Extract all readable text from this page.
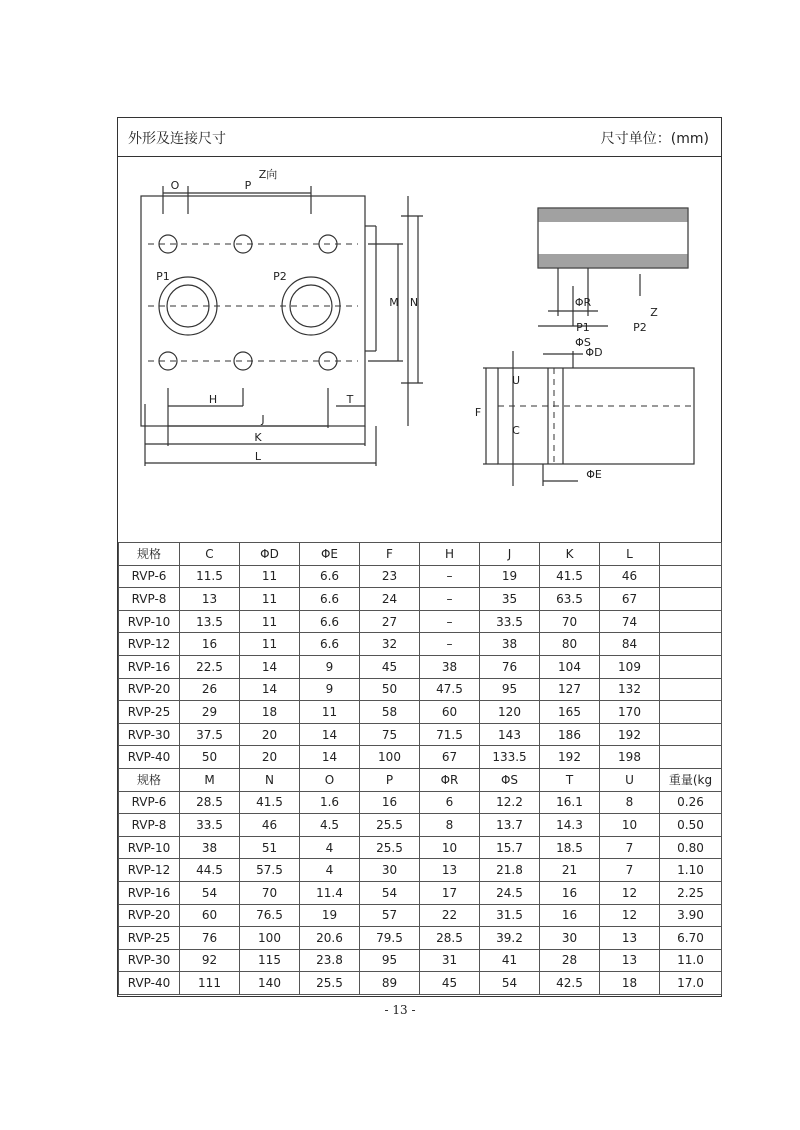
外形及连接尺寸	尺寸单位：(mm)
Z向
O	P
P1	P2
M N
H
J
T
K
L
P1	P2
ΦR
ΦS
Z
ΦD
F
U
C
ΦE
规格	C	ΦD	ΦE	F	H	J	K	L	
RVP-6	11.5	11	6.6	23	–	19	41.5	46	
RVP-8	13	11	6.6	24	–	35	63.5	67	
RVP-10	13.5	11	6.6	27	–	33.5	70	74	
RVP-12	16	11	6.6	32	–	38	80	84	
RVP-16	22.5	14	9	45	38	76	104	109	
RVP-20	26	14	9	50	47.5	95	127	132	
RVP-25	29	18	11	58	60	120	165	170	
RVP-30	37.5	20	14	75	71.5	143	186	192	
RVP-40	50	20	14	100	67	133.5	192	198	
规格	M	N	O	P	ΦR	ΦS	T	U	重量(kg
RVP-6	28.5	41.5	1.6	16	6	12.2	16.1	8	0.26
RVP-8	33.5	46	4.5	25.5	8	13.7	14.3	10	0.50
RVP-10	38	51	4	25.5	10	15.7	18.5	7	0.80
RVP-12	44.5	57.5	4	30	13	21.8	21	7	1.10
RVP-16	54	70	11.4	54	17	24.5	16	12	2.25
RVP-20	60	76.5	19	57	22	31.5	16	12	3.90
RVP-25	76	100	20.6	79.5	28.5	39.2	30	13	6.70
RVP-30	92	115	23.8	95	31	41	28	13	11.0
RVP-40	111	140	25.5	89	45	54	42.5	18	17.0
- 13 -
